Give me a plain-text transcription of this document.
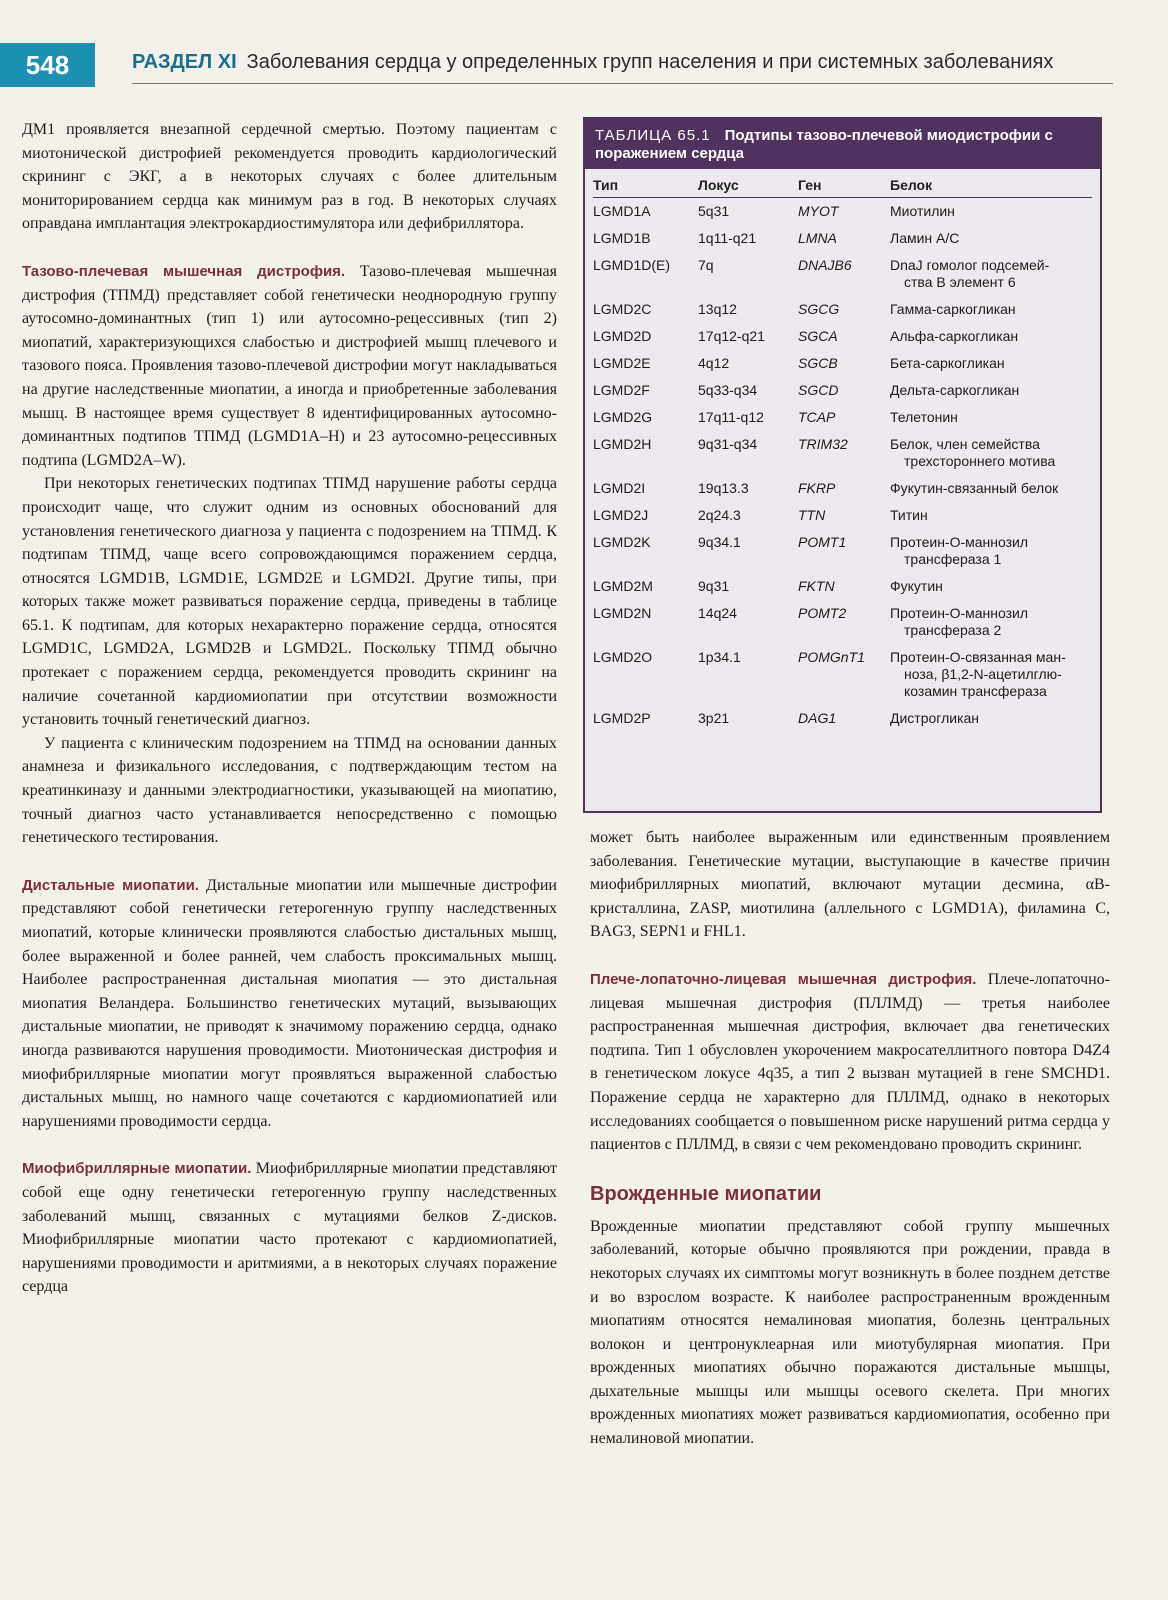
548	РАЗДЕЛ XI Заболевания сердца у определенных групп населения и при системных заболеваниях

ДМ1 проявляется внезапной сердечной смертью. Поэтому пациентам с миотонической дистрофией рекомендуется проводить кардиологический скрининг с ЭКГ, а в некоторых случаях с более длительным мониторированием сердца как минимум раз в год. В некоторых случаях оправдана имплантация электрокардиостимулятора или дефибриллятора.

Тазово-плечевая мышечная дистрофия. Тазово-плечевая мышечная дистрофия (ТПМД) представляет собой генетически неоднородную группу аутосомно-доминантных (тип 1) или аутосомно-рецессивных (тип 2) миопатий, характеризующихся слабостью и дистрофией мышц плечевого и тазового пояса. Проявления тазово-плечевой дистрофии могут накладываться на другие наследственные миопатии, а иногда и приобретенные заболевания мышц. В настоящее время существует 8 идентифицированных аутосомно-доминантных подтипов ТПМД (LGMD1A–H) и 23 аутосомно-рецессивных подтипа (LGMD2A–W).

При некоторых генетических подтипах ТПМД нарушение работы сердца происходит чаще, что служит одним из основных обоснований для установления генетического диагноза у пациента с подозрением на ТПМД. К подтипам ТПМД, чаще всего сопровождающимся поражением сердца, относятся LGMD1B, LGMD1E, LGMD2E и LGMD2I. Другие типы, при которых также может развиваться поражение сердца, приведены в таблице 65.1. К подтипам, для которых нехарактерно поражение сердца, относятся LGMD1C, LGMD2A, LGMD2B и LGMD2L. Поскольку ТПМД обычно протекает с поражением сердца, рекомендуется проводить скрининг на наличие сочетанной кардиомиопатии при отсутствии возможности установить точный генетический диагноз.

У пациента с клиническим подозрением на ТПМД на основании данных анамнеза и физикального исследования, с подтверждающим тестом на креатинкиназу и данными электродиагностики, указывающей на миопатию, точный диагноз часто устанавливается непосредственно с помощью генетического тестирования.

Дистальные миопатии. Дистальные миопатии или мышечные дистрофии представляют собой генетически гетерогенную группу наследственных миопатий, которые клинически проявляются слабостью дистальных мышц, более выраженной и более ранней, чем слабость проксимальных мышц. Наиболее распространенная дистальная миопатия — это дистальная миопатия Веландера. Большинство генетических мутаций, вызывающих дистальные миопатии, не приводят к значимому поражению сердца, однако иногда развиваются нарушения проводимости. Миотоническая дистрофия и миофибриллярные миопатии могут проявляться выраженной слабостью дистальных мышц, но намного чаще сочетаются с кардиомиопатией или нарушениями проводимости сердца.

Миофибриллярные миопатии. Миофибриллярные миопатии представляют собой еще одну генетически гетерогенную группу наследственных заболеваний мышц, связанных с мутациями белков Z-дисков. Миофибриллярные миопатии часто протекают с кардиомиопатией, нарушениями проводимости и аритмиями, а в некоторых случаях поражение сердца

ТАБЛИЦА 65.1 Подтипы тазово-плечевой миодистрофии с поражением сердца
Тип	Локус	Ген	Белок
LGMD1A	5q31	MYOT	Миотилин
LGMD1B	1q11-q21	LMNA	Ламин A/C
LGMD1D(E)	7q	DNAJB6	DnaJ гомолог подсемей-
ства B элемент 6
LGMD2C	13q12	SGCG	Гамма-саркогликан
LGMD2D	17q12-q21	SGCA	Альфа-саркогликан
LGMD2E	4q12	SGCB	Бета-саркогликан
LGMD2F	5q33-q34	SGCD	Дельта-саркогликан
LGMD2G	17q11-q12	TCAP	Телетонин
LGMD2H	9q31-q34	TRIM32	Белок, член семейства
трехстороннего мотива
LGMD2I	19q13.3	FKRP	Фукутин-связанный белок
LGMD2J	2q24.3	TTN	Титин
LGMD2K	9q34.1	POMT1	Протеин-О-маннозил
трансфераза 1
LGMD2M	9q31	FKTN	Фукутин
LGMD2N	14q24	POMT2	Протеин-О-маннозил
трансфераза 2
LGMD2O	1p34.1	POMGnT1	Протеин-О-связанная ман-
ноза, β1,2-N-ацетилглю-козамин трансфераза
LGMD2P	3p21	DAG1	Дистрогликан

может быть наиболее выраженным или единственным проявлением заболевания. Генетические мутации, выступающие в качестве причин миофибриллярных миопатий, включают мутации десмина, αB-кристаллина, ZASP, миотилина (аллельного с LGMD1A), филамина C, BAG3, SEPN1 и FHL1.

Плече-лопаточно-лицевая мышечная дистрофия. Плече-лопаточно-лицевая мышечная дистрофия (ПЛЛМД) — третья наиболее распространенная мышечная дистрофия, включает два генетических подтипа. Тип 1 обусловлен укорочением макросателлитного повтора D4Z4 в генетическом локусе 4q35, а тип 2 вызван мутацией в гене SMCHD1. Поражение сердца не характерно для ПЛЛМД, однако в некоторых исследованиях сообщается о повышенном риске нарушений ритма сердца у пациентов с ПЛЛМД, в связи с чем рекомендовано проводить скрининг.

Врожденные миопатии

Врожденные миопатии представляют собой группу мышечных заболеваний, которые обычно проявляются при рождении, правда в некоторых случаях их симптомы могут возникнуть в более позднем детстве и во взрослом возрасте. К наиболее распространенным врожденным миопатиям относятся немалиновая миопатия, болезнь центральных волокон и центронуклеарная или миотубулярная миопатия. При врожденных миопатиях обычно поражаются дистальные мышцы, дыхательные мышцы или мышцы осевого скелета. При многих врожденных миопатиях может развиваться кардиомиопатия, особенно при немалиновой миопатии.
